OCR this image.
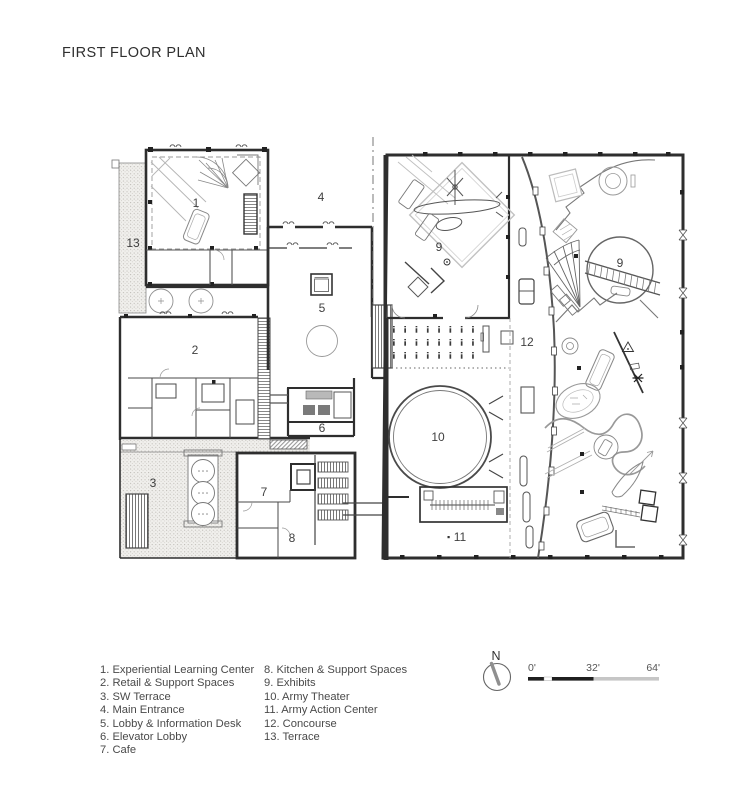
FIRST FLOOR PLAN
1
2
3
4
5
6
7
8
9
9
10
11
12
13
N
0'	32'	64'
1. Experiential Learning Center
2. Retail & Support Spaces
3. SW Terrace
4. Main Entrance
5. Lobby & Information Desk
6. Elevator Lobby
7. Cafe
8. Kitchen & Support Spaces
9. Exhibits
10. Army Theater
11. Army Action Center
12. Concourse
13. Terrace
